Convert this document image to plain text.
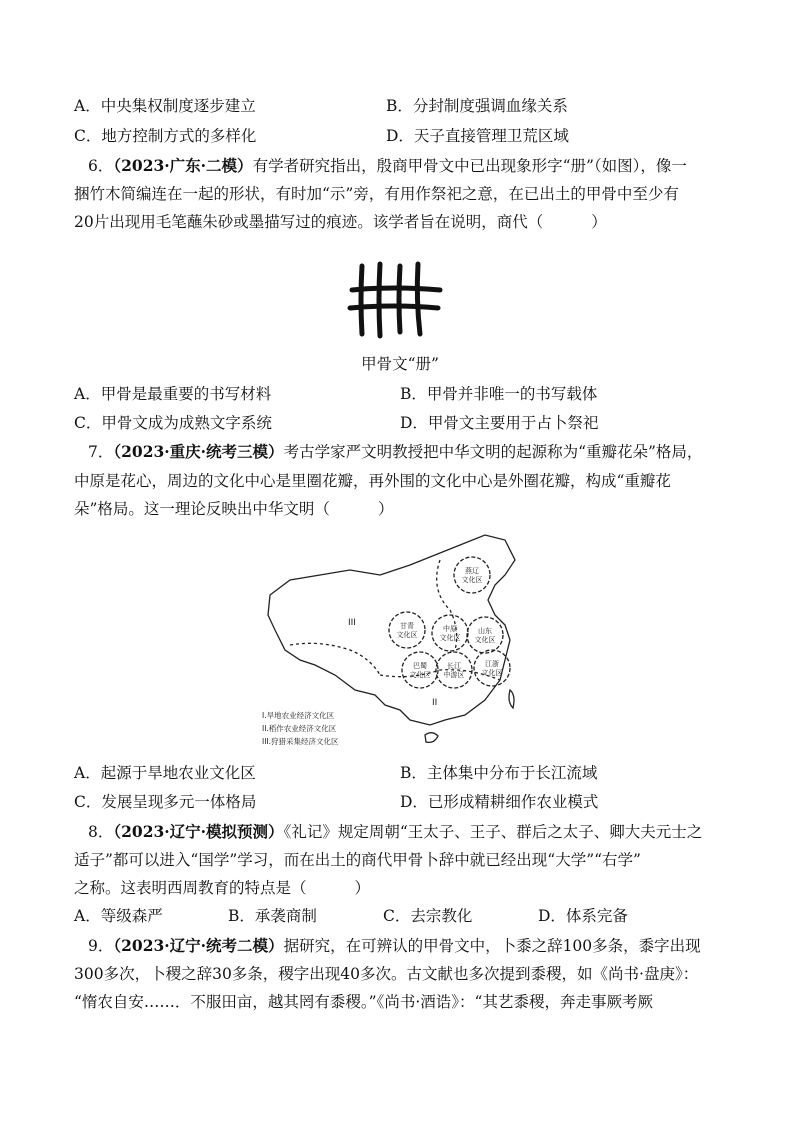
A．中央集权制度逐步建立	B．分封制度强调血缘关系
C．地方控制方式的多样化	D．天子直接管理卫荒区域
6．（2023·广东·二模）有学者研究指出，殷商甲骨文中已出现象形字“册”（如图），像一
捆竹木简编连在一起的形状，有时加“示”旁，有用作祭祀之意，在已出土的甲骨中至少有
20片出现用毛笔蘸朱砂或墨描写过的痕迹。该学者旨在说明，商代（	）
甲骨文“册”
A．甲骨是最重要的书写材料	B．甲骨并非唯一的书写载体
C．甲骨文成为成熟文字系统	D．甲骨文主要用于占卜祭祀
7．（2023·重庆·统考三模）考古学家严文明教授把中华文明的起源称为“重瓣花朵”格局，
中原是花心，周边的文化中心是里圈花瓣，再外围的文化中心是外圈花瓣，构成“重瓣花
朵”格局。这一理论反映出中华文明（	）
燕辽文化区
甘青文化区
中原文化区
山东文化区
巴蜀文化区
长江中游区
江浙文化区
III
II
I.旱地农业经济文化区
II.稻作农业经济文化区
III.狩猎采集经济文化区
A．起源于旱地农业文化区	B．主体集中分布于长江流域
C．发展呈现多元一体格局	D．已形成精耕细作农业模式
8．（2023·辽宁·模拟预测）《礼记》规定周朝“王太子、王子、群后之太子、卿大夫元士之
适子”都可以进入“国学”学习，而在出土的商代甲骨卜辞中就已经出现“大学”“右学”
之称。这表明西周教育的特点是（	）
A．等级森严	B．承袭商制	C．去宗教化	D．体系完备
9．（2023·辽宁·统考二模）据研究，在可辨认的甲骨文中，卜黍之辞100多条，黍字出现
300多次，卜稷之辞30多条，稷字出现40多次。古文献也多次提到黍稷，如《尚书·盘庚》：
“惰农自安……．不服田亩，越其罔有黍稷。”《尚书·酒诰》：“其艺黍稷，奔走事厥考厥
